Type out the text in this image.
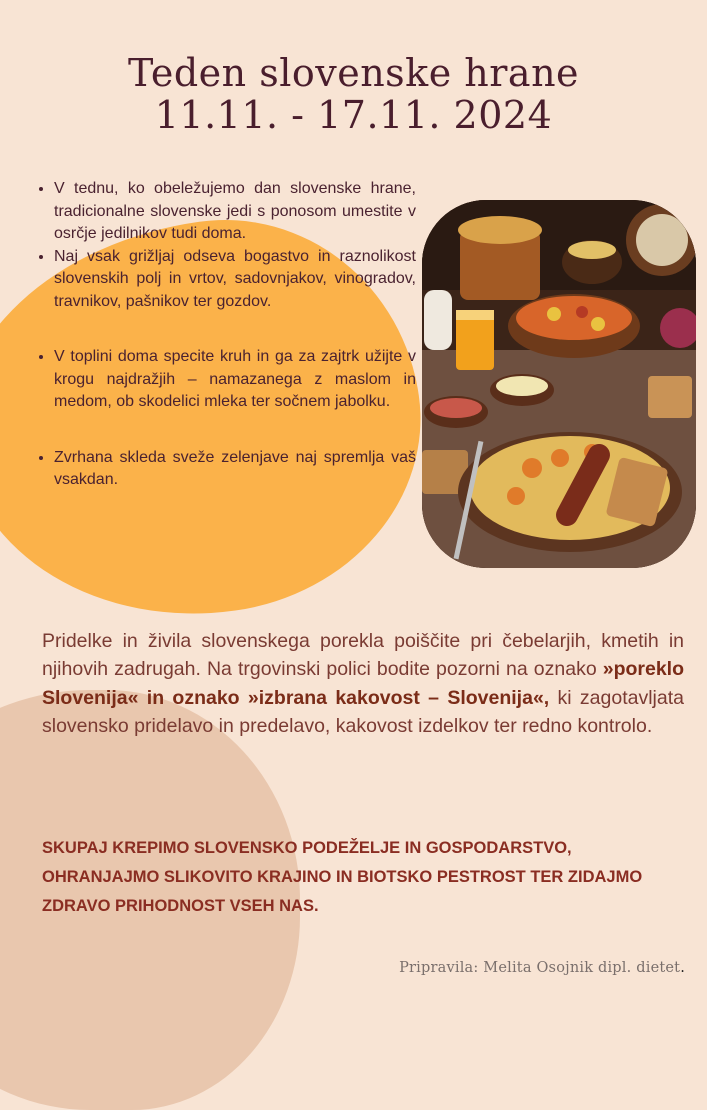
Teden slovenske hrane
11.11. - 17.11. 2024
• V tednu, ko obeležujemo dan slovenske hrane, tradicionalne slovenske jedi s ponosom umestite v osrčje jedilnikov tudi doma.
• Naj vsak grižljaj odseva bogastvo in raznolikost slovenskih polj in vrtov, sadovnjakov, vinogradov, travnikov, pašnikov ter gozdov.
• V toplini doma specite kruh in ga za zajtrk užijte v krogu najdražjih – namazanega z maslom in medom, ob skodelici mleka ter sočnem jabolku.
• Zvrhana skleda sveže zelenjave naj spremlja vaš vsakdan.

Pridelke in živila slovenskega porekla poiščite pri čebelarjih, kmetih in njihovih zadrugah. Na trgovinski polici bodite pozorni na oznako »poreklo Slovenija« in oznako »izbrana kakovost – Slovenija«, ki zagotavljata slovensko pridelavo in predelavo, kakovost izdelkov ter redno kontrolo.

SKUPAJ KREPIMO SLOVENSKO PODEŽELJE IN GOSPODARSTVO, OHRANJAJMO SLIKOVITO KRAJINO IN BIOTSKO PESTROST TER ZIDAJMO ZDRAVO PRIHODNOST VSEH NAS.

Pripravila: Melita Osojnik dipl. dietet.
